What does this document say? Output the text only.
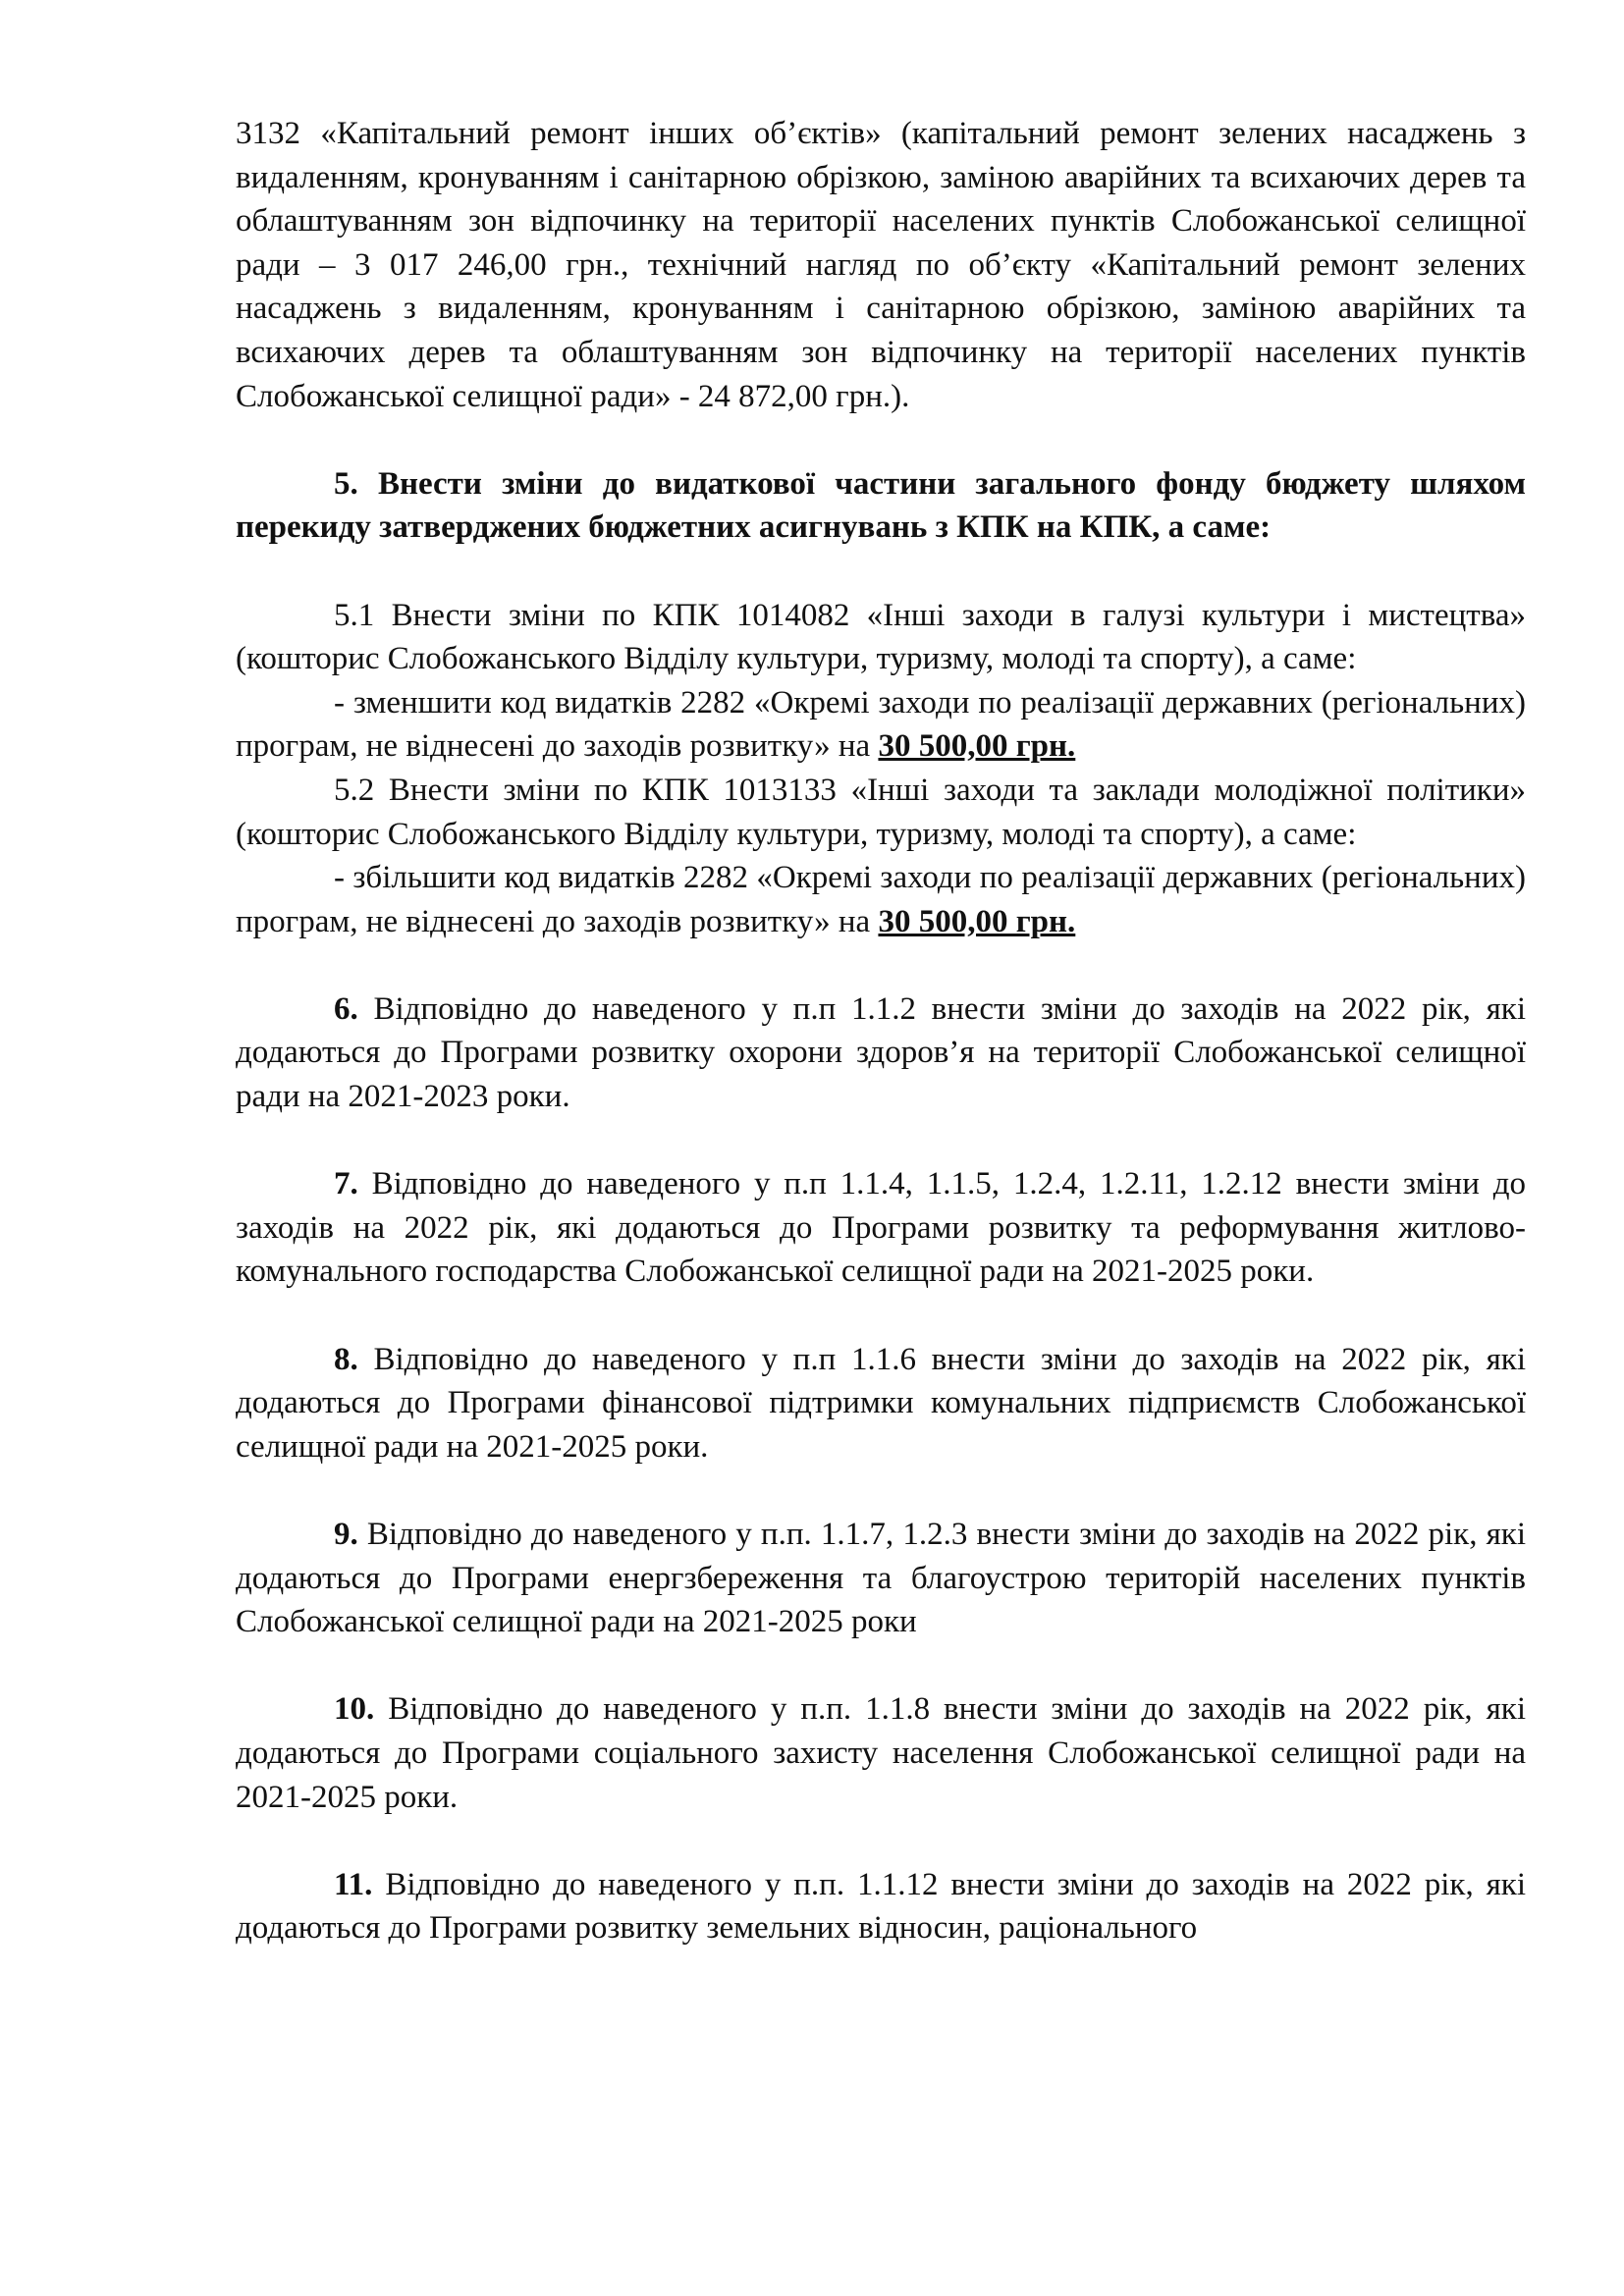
3132 «Капітальний ремонт інших об’єктів» (капітальний ремонт зелених насаджень з видаленням, кронуванням і санітарною обрізкою, заміною аварійних та всихаючих дерев та облаштуванням зон відпочинку на території населених пунктів Слобожанської селищної ради – 3 017 246,00 грн., технічний нагляд по об’єкту «Капітальний ремонт зелених насаджень з видаленням, кронуванням і санітарною обрізкою, заміною аварійних та всихаючих дерев та облаштуванням зон відпочинку на території населених пунктів Слобожанської селищної ради» - 24 872,00 грн.).

5. Внести зміни до видаткової частини загального фонду бюджету шляхом перекиду затверджених бюджетних асигнувань з КПК на КПК, а саме:

5.1 Внести зміни по КПК 1014082 «Інші заходи в галузі культури і мистецтва» (кошторис Слобожанського Відділу культури, туризму, молоді та спорту), а саме:

- зменшити код видатків 2282 «Окремі заходи по реалізації державних (регіональних) програм, не віднесені до заходів розвитку» на 30 500,00 грн.

5.2 Внести зміни по КПК 1013133 «Інші заходи та заклади молодіжної політики» (кошторис Слобожанського Відділу культури, туризму, молоді та спорту), а саме:

- збільшити код видатків 2282 «Окремі заходи по реалізації державних (регіональних) програм, не віднесені до заходів розвитку» на 30 500,00 грн.

6. Відповідно до наведеного у п.п 1.1.2 внести зміни до заходів на 2022 рік, які додаються до Програми розвитку охорони здоров’я на території Слобожанської селищної ради на 2021-2023 роки.

7. Відповідно до наведеного у п.п 1.1.4, 1.1.5, 1.2.4, 1.2.11, 1.2.12 внести зміни до заходів на 2022 рік, які додаються до Програми розвитку та реформування житлово-комунального господарства Слобожанської селищної ради на 2021-2025 роки.

8. Відповідно до наведеного у п.п 1.1.6 внести зміни до заходів на 2022 рік, які додаються до Програми фінансової підтримки комунальних підприємств Слобожанської селищної ради на 2021-2025 роки.

9. Відповідно до наведеного у п.п. 1.1.7, 1.2.3 внести зміни до заходів на 2022 рік, які додаються до Програми енергзбереження та благоустрою територій населених пунктів Слобожанської селищної ради на 2021-2025 роки

10. Відповідно до наведеного у п.п. 1.1.8 внести зміни до заходів на 2022 рік, які додаються до Програми соціального захисту населення Слобожанської селищної ради на 2021-2025 роки.

11. Відповідно до наведеного у п.п. 1.1.12 внести зміни до заходів на 2022 рік, які додаються до Програми розвитку земельних відносин, раціонального
